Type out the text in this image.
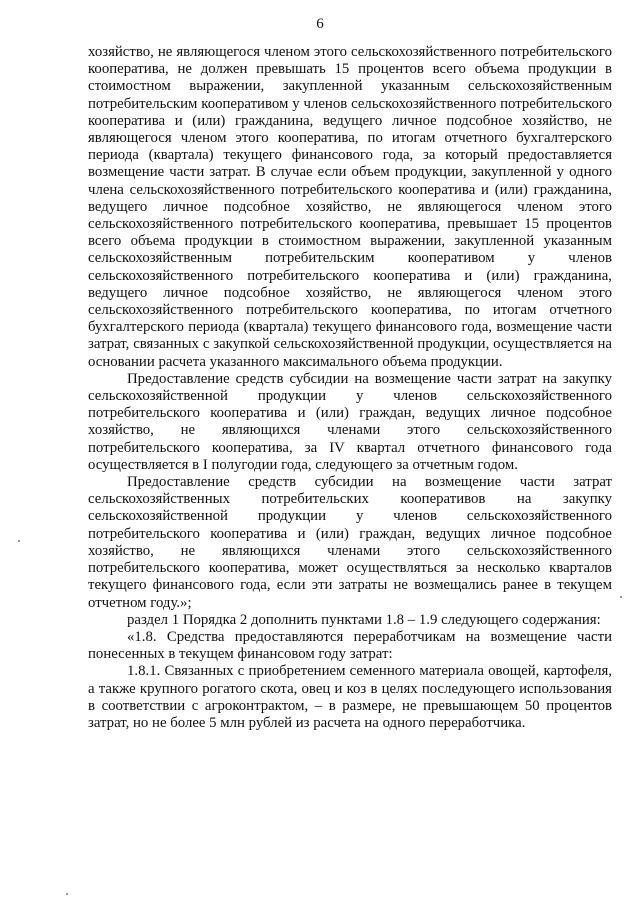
6

хозяйство, не являющегося членом этого сельскохозяйственного потребительского кооператива, не должен превышать 15 процентов всего объема продукции в стоимостном выражении, закупленной указанным сельскохозяйственным потребительским кооперативом у членов сельскохозяйственного потребительского кооператива и (или) гражданина, ведущего личное подсобное хозяйство, не являющегося членом этого кооператива, по итогам отчетного бухгалтерского периода (квартала) текущего финансового года, за который предоставляется возмещение части затрат. В случае если объем продукции, закупленной у одного члена сельскохозяйственного потребительского кооператива и (или) гражданина, ведущего личное подсобное хозяйство, не являющегося членом этого сельскохозяйственного потребительского кооператива, превышает 15 процентов всего объема продукции в стоимостном выражении, закупленной указанным сельскохозяйственным потребительским кооперативом у членов сельскохозяйственного потребительского кооператива и (или) гражданина, ведущего личное подсобное хозяйство, не являющегося членом этого сельскохозяйственного потребительского кооператива, по итогам отчетного бухгалтерского периода (квартала) текущего финансового года, возмещение части затрат, связанных с закупкой сельскохозяйственной продукции, осуществляется на основании расчета указанного максимального объема продукции.

Предоставление средств субсидии на возмещение части затрат на закупку сельскохозяйственной продукции у членов сельскохозяйственного потребительского кооператива и (или) граждан, ведущих личное подсобное хозяйство, не являющихся членами этого сельскохозяйственного потребительского кооператива, за IV квартал отчетного финансового года осуществляется в I полугодии года, следующего за отчетным годом.

Предоставление средств субсидии на возмещение части затрат сельскохозяйственных потребительских кооперативов на закупку сельскохозяйственной продукции у членов сельскохозяйственного потребительского кооператива и (или) граждан, ведущих личное подсобное хозяйство, не являющихся членами этого сельскохозяйственного потребительского кооператива, может осуществляться за несколько кварталов текущего финансового года, если эти затраты не возмещались ранее в текущем отчетном году.»;

раздел 1 Порядка 2 дополнить пунктами 1.8 – 1.9 следующего содержания:

«1.8. Средства предоставляются переработчикам на возмещение части понесенных в текущем финансовом году затрат:

1.8.1. Связанных с приобретением семенного материала овощей, картофеля, а также крупного рогатого скота, овец и коз в целях последующего использования в соответствии с агроконтрактом, – в размере, не превышающем 50 процентов затрат, но не более 5 млн рублей из расчета на одного переработчика.
